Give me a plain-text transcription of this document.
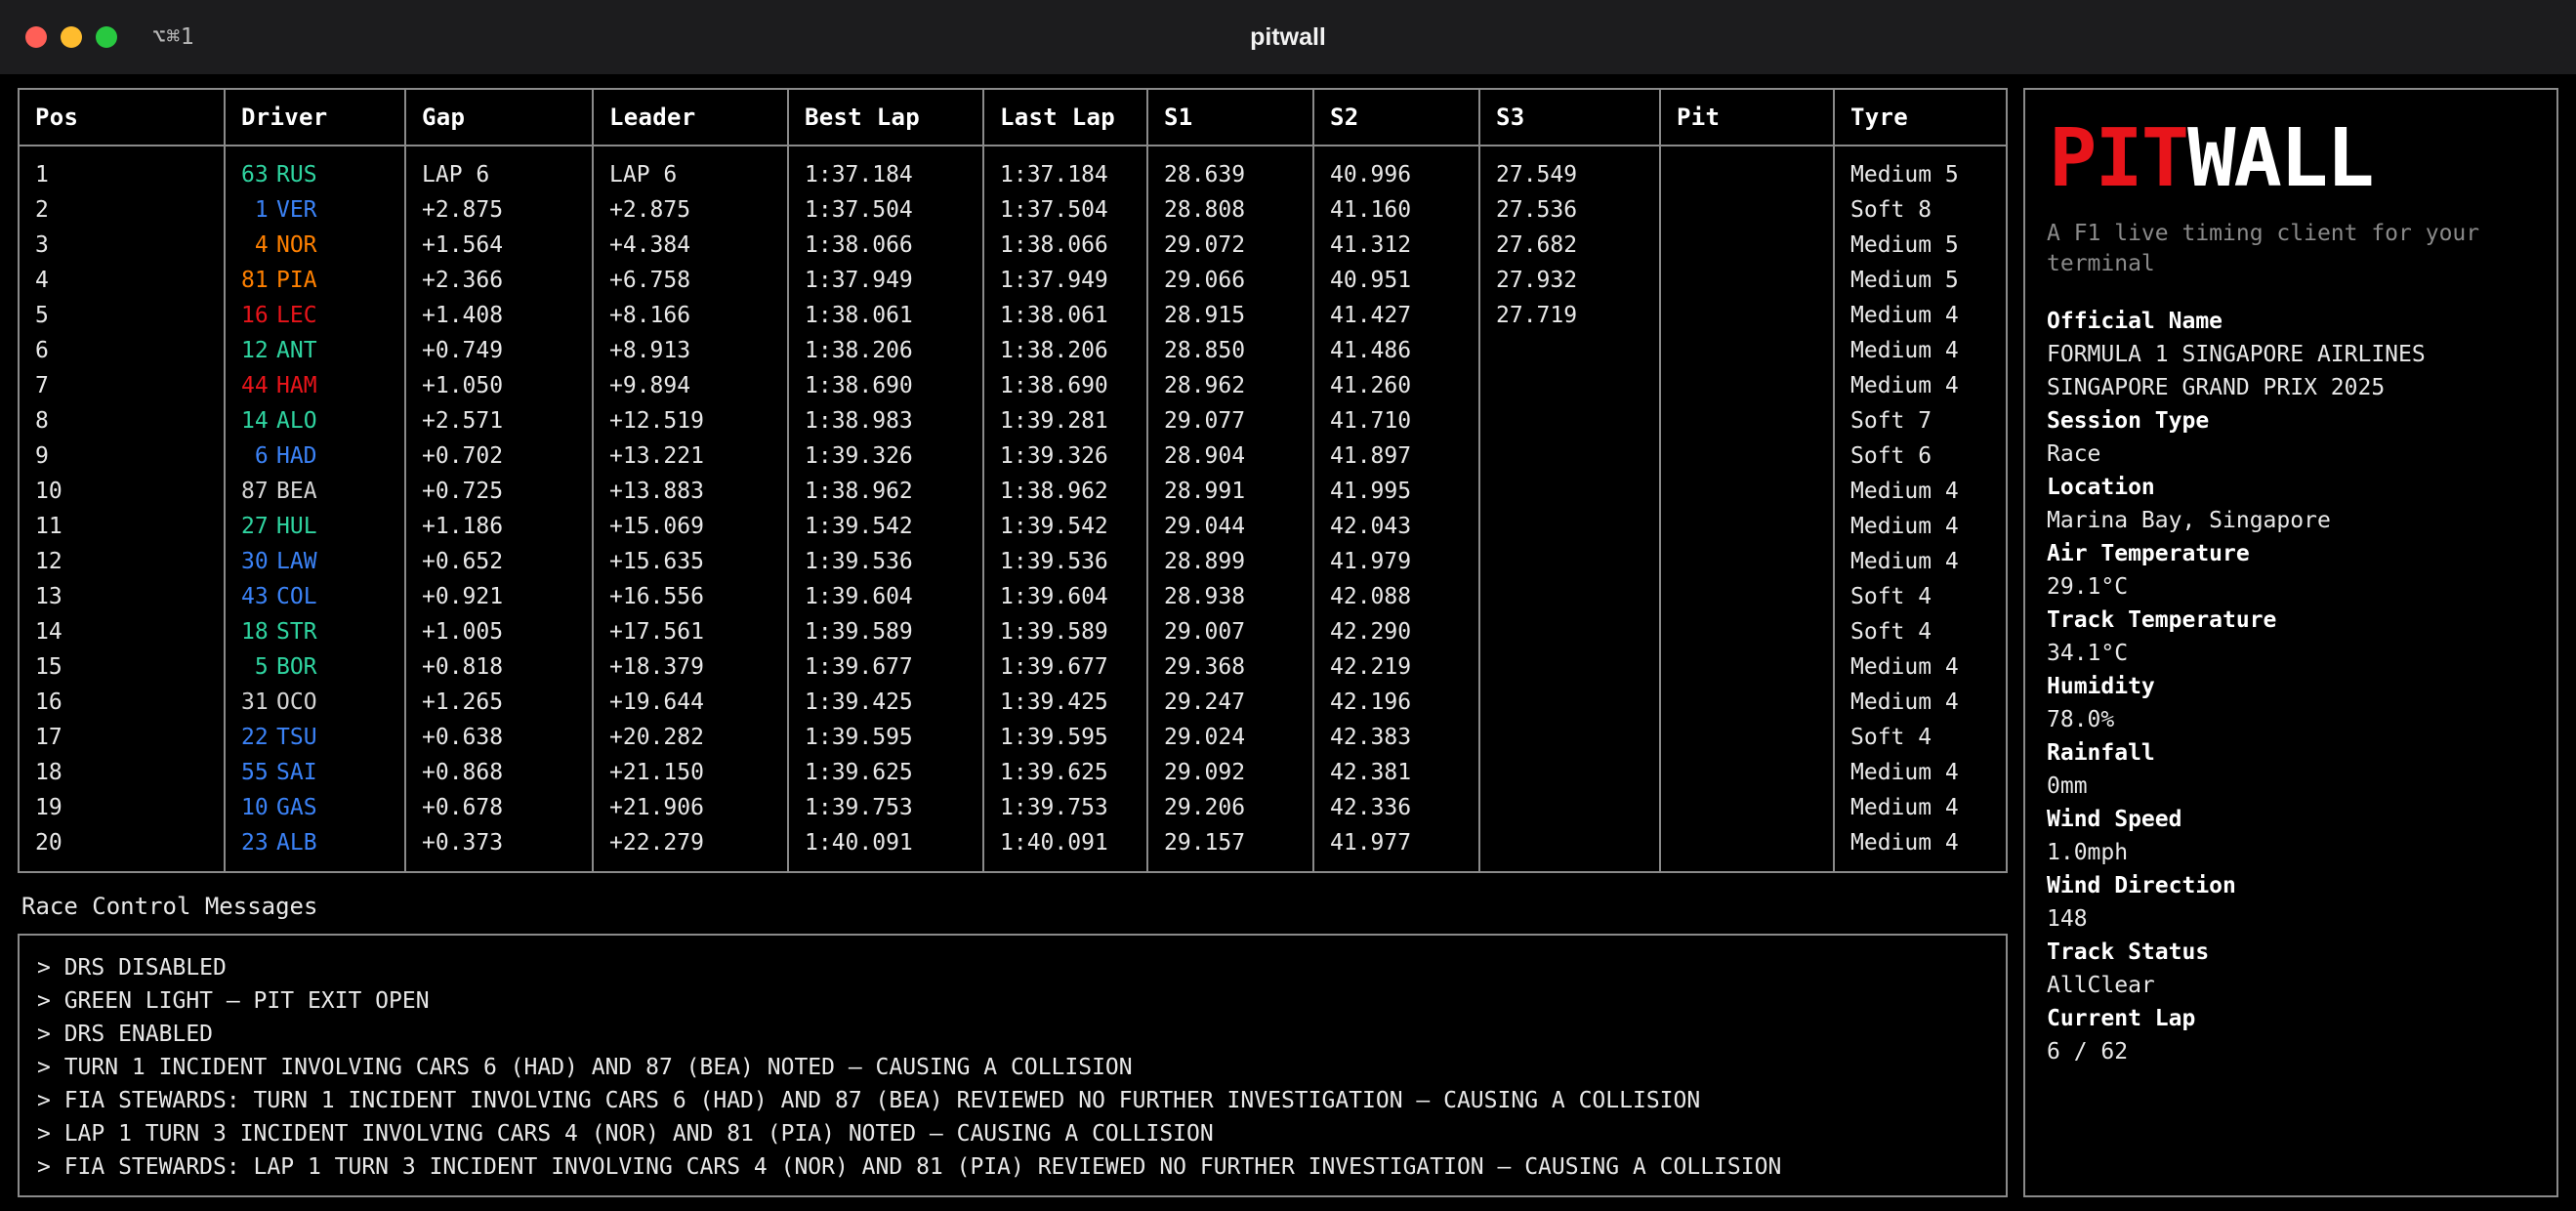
⌥⌘1	pitwall
Pos	Driver	Gap	Leader	Best Lap	Last Lap	S1	S2	S3	Pit	Tyre
1	63 RUS	LAP 6	LAP 6	1:37.184	1:37.184	28.639	40.996	27.549		Medium 5
2	1 VER	+2.875	+2.875	1:37.504	1:37.504	28.808	41.160	27.536		Soft 8
3	4 NOR	+1.564	+4.384	1:38.066	1:38.066	29.072	41.312	27.682		Medium 5
4	81 PIA	+2.366	+6.758	1:37.949	1:37.949	29.066	40.951	27.932		Medium 5
5	16 LEC	+1.408	+8.166	1:38.061	1:38.061	28.915	41.427	27.719		Medium 4
6	12 ANT	+0.749	+8.913	1:38.206	1:38.206	28.850	41.486			Medium 4
7	44 HAM	+1.050	+9.894	1:38.690	1:38.690	28.962	41.260			Medium 4
8	14 ALO	+2.571	+12.519	1:38.983	1:39.281	29.077	41.710			Soft 7
9	6 HAD	+0.702	+13.221	1:39.326	1:39.326	28.904	41.897			Soft 6
10	87 BEA	+0.725	+13.883	1:38.962	1:38.962	28.991	41.995			Medium 4
11	27 HUL	+1.186	+15.069	1:39.542	1:39.542	29.044	42.043			Medium 4
12	30 LAW	+0.652	+15.635	1:39.536	1:39.536	28.899	41.979			Medium 4
13	43 COL	+0.921	+16.556	1:39.604	1:39.604	28.938	42.088			Soft 4
14	18 STR	+1.005	+17.561	1:39.589	1:39.589	29.007	42.290			Soft 4
15	5 BOR	+0.818	+18.379	1:39.677	1:39.677	29.368	42.219			Medium 4
16	31 OCO	+1.265	+19.644	1:39.425	1:39.425	29.247	42.196			Medium 4
17	22 TSU	+0.638	+20.282	1:39.595	1:39.595	29.024	42.383			Soft 4
18	55 SAI	+0.868	+21.150	1:39.625	1:39.625	29.092	42.381			Medium 4
19	10 GAS	+0.678	+21.906	1:39.753	1:39.753	29.206	42.336			Medium 4
20	23 ALB	+0.373	+22.279	1:40.091	1:40.091	29.157	41.977			Medium 4
Race Control Messages
> DRS DISABLED
> GREEN LIGHT — PIT EXIT OPEN
> DRS ENABLED
> TURN 1 INCIDENT INVOLVING CARS 6 (HAD) AND 87 (BEA) NOTED — CAUSING A COLLISION
> FIA STEWARDS: TURN 1 INCIDENT INVOLVING CARS 6 (HAD) AND 87 (BEA) REVIEWED NO FURTHER INVESTIGATION — CAUSING A COLLISION
> LAP 1 TURN 3 INCIDENT INVOLVING CARS 4 (NOR) AND 81 (PIA) NOTED — CAUSING A COLLISION
> FIA STEWARDS: LAP 1 TURN 3 INCIDENT INVOLVING CARS 4 (NOR) AND 81 (PIA) REVIEWED NO FURTHER INVESTIGATION — CAUSING A COLLISION
PIT WALL
A F1 live timing client for your terminal
Official Name
FORMULA 1 SINGAPORE AIRLINES SINGAPORE GRAND PRIX 2025
Session Type
Race
Location
Marina Bay, Singapore
Air Temperature
29.1°C
Track Temperature
34.1°C
Humidity
78.0%
Rainfall
0mm
Wind Speed
1.0mph
Wind Direction
148
Track Status
AllClear
Current Lap
6 / 62
